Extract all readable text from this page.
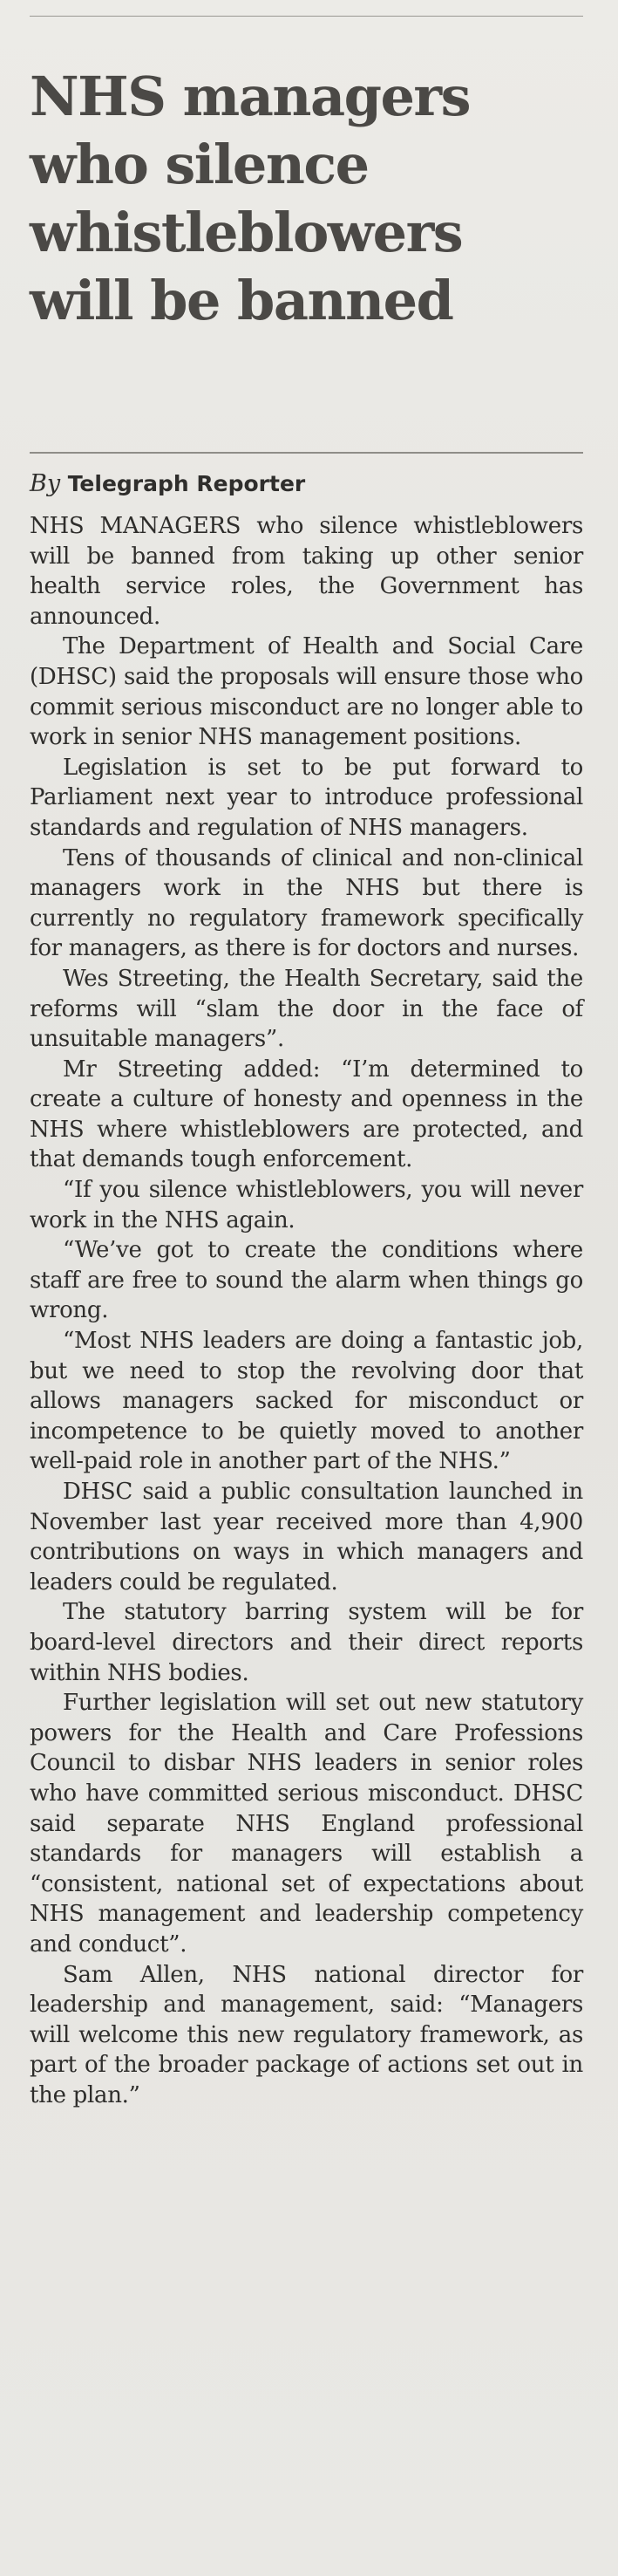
NHS managers
who silence
whistleblowers
will be banned
By Telegraph Reporter

NHS MANAGERS who silence whistleblowers will be banned from taking up other senior health service roles, the Government has announced.

The Department of Health and Social Care (DHSC) said the proposals will ensure those who commit serious misconduct are no longer able to work in senior NHS management positions.

Legislation is set to be put forward to Parliament next year to introduce professional standards and regulation of NHS managers.

Tens of thousands of clinical and non-clinical managers work in the NHS but there is currently no regulatory framework specifically for managers, as there is for doctors and nurses.

Wes Streeting, the Health Secretary, said the reforms will “slam the door in the face of unsuitable managers”.

Mr Streeting added: “I’m determined to create a culture of honesty and openness in the NHS where whistleblowers are protected, and that demands tough enforcement.

“If you silence whistleblowers, you will never work in the NHS again.

“We’ve got to create the conditions where staff are free to sound the alarm when things go wrong.

“Most NHS leaders are doing a fantastic job, but we need to stop the revolving door that allows managers sacked for misconduct or incompetence to be quietly moved to another well-paid role in another part of the NHS.”

DHSC said a public consultation launched in November last year received more than 4,900 contributions on ways in which managers and leaders could be regulated.

The statutory barring system will be for board-level directors and their direct reports within NHS bodies.

Further legislation will set out new statutory powers for the Health and Care Professions Council to disbar NHS leaders in senior roles who have committed serious misconduct. DHSC said separate NHS England professional standards for managers will establish a “consistent, national set of expectations about NHS management and leadership competency and conduct”.

Sam Allen, NHS national director for leadership and management, said: “Managers will welcome this new regulatory framework, as part of the broader package of actions set out in the plan.”
